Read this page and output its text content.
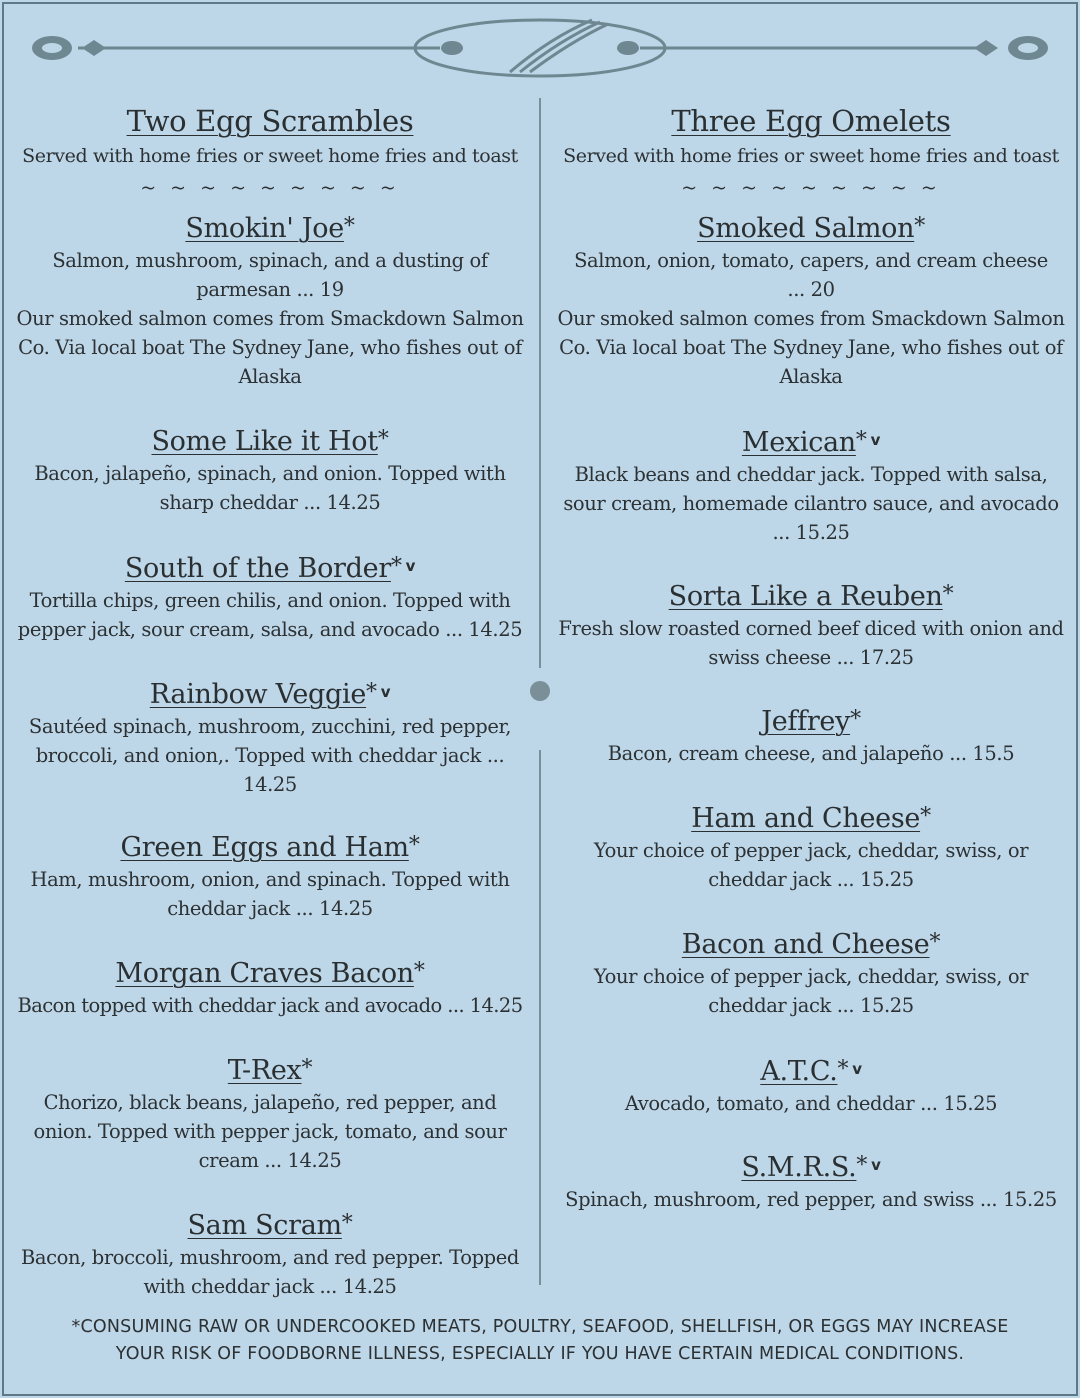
Two Egg Scrambles
Served with home fries or sweet home fries and toast
~ ~ ~ ~ ~ ~ ~ ~ ~
Smokin' Joe*
Salmon, mushroom, spinach, and a dusting of parmesan ... 19
Our smoked salmon comes from Smackdown Salmon Co. Via local boat The Sydney Jane, who fishes out of Alaska
Some Like it Hot*
Bacon, jalapeño, spinach, and onion. Topped with sharp cheddar ... 14.25
South of the Border* $^v$
Tortilla chips, green chilis, and onion. Topped with pepper jack, sour cream, salsa, and avocado ... 14.25
Rainbow Veggie* $^v$
Sautéed spinach, mushroom, zucchini, red pepper, broccoli, and onion,. Topped with cheddar jack ... 14.25
Green Eggs and Ham*
Ham, mushroom, onion, and spinach. Topped with cheddar jack ... 14.25
Morgan Craves Bacon*
Bacon topped with cheddar jack and avocado ... 14.25
T-Rex*
Chorizo, black beans, jalapeño, red pepper, and onion. Topped with pepper jack, tomato, and sour cream ... 14.25
Sam Scram*
Bacon, broccoli, mushroom, and red pepper. Topped with cheddar jack ... 14.25
Three Egg Omelets
Served with home fries or sweet home fries and toast
~ ~ ~ ~ ~ ~ ~ ~ ~
Smoked Salmon*
Salmon, onion, tomato, capers, and cream cheese ... 20
Our smoked salmon comes from Smackdown Salmon Co. Via local boat The Sydney Jane, who fishes out of Alaska
Mexican* $^v$
Black beans and cheddar jack. Topped with salsa, sour cream, homemade cilantro sauce, and avocado ... 15.25
Sorta Like a Reuben*
Fresh slow roasted corned beef diced with onion and swiss cheese ... 17.25
Jeffrey*
Bacon, cream cheese, and jalapeño ... 15.5
Ham and Cheese*
Your choice of pepper jack, cheddar, swiss, or cheddar jack ... 15.25
Bacon and Cheese*
Your choice of pepper jack, cheddar, swiss, or cheddar jack ... 15.25
A.T.C.* $^v$
Avocado, tomato, and cheddar ... 15.25
S.M.R.S.* $^v$
Spinach, mushroom, red pepper, and swiss ... 15.25
*CONSUMING RAW OR UNDERCOOKED MEATS, POULTRY, SEAFOOD, SHELLFISH, OR EGGS MAY INCREASE
YOUR RISK OF FOODBORNE ILLNESS, ESPECIALLY IF YOU HAVE CERTAIN MEDICAL CONDITIONS.
